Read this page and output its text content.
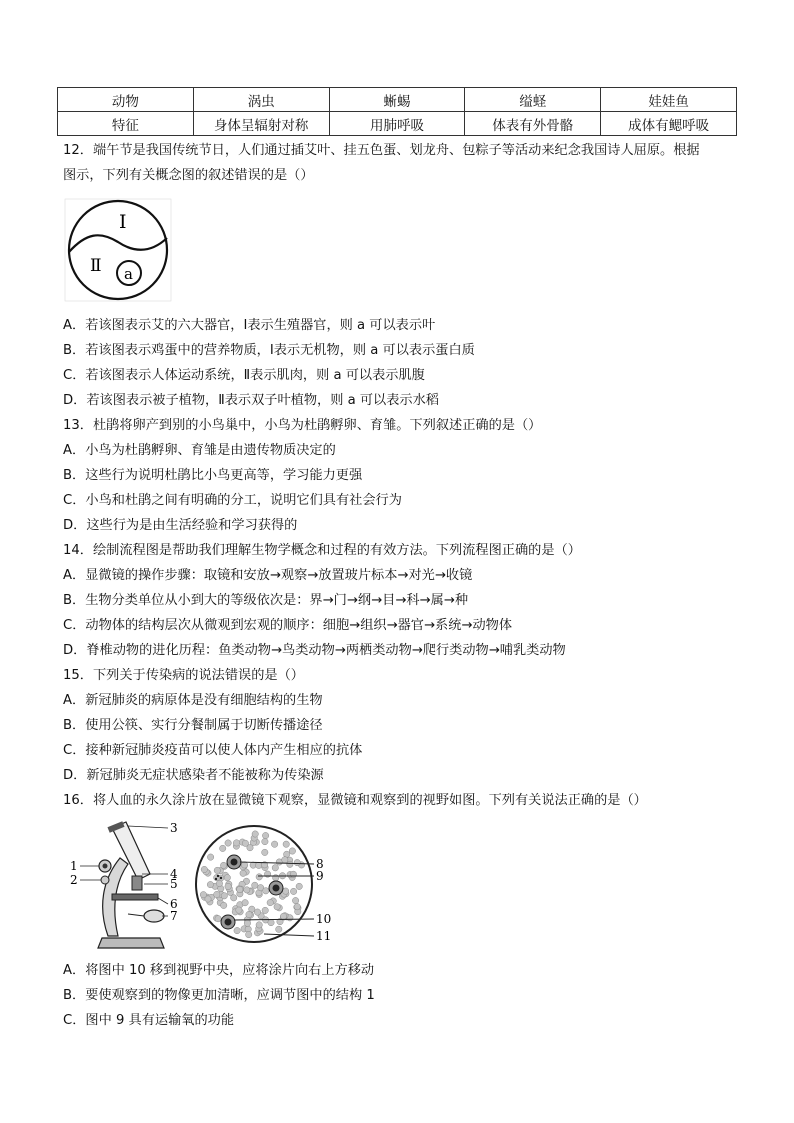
动物	涡虫	蜥蜴	缢蛏	娃娃鱼
特征	身体呈辐射对称	用肺呼吸	体表有外骨骼	成体有鳃呼吸
12．端午节是我国传统节日，人们通过插艾叶、挂五色蛋、划龙舟、包粽子等活动来纪念我国诗人屈原。根据
图示，下列有关概念图的叙述错误的是（）
I
Ⅱ a
A．若该图表示艾的六大器官，Ⅰ表示生殖器官，则 a 可以表示叶
B．若该图表示鸡蛋中的营养物质，Ⅰ表示无机物，则 a 可以表示蛋白质
C．若该图表示人体运动系统，Ⅱ表示肌肉，则 a 可以表示肌腹
D．若该图表示被子植物，Ⅱ表示双子叶植物，则 a 可以表示水稻
13．杜鹃将卵产到别的小鸟巢中，小鸟为杜鹃孵卵、育雏。下列叙述正确的是（）
A．小鸟为杜鹃孵卵、育雏是由遗传物质决定的
B．这些行为说明杜鹃比小鸟更高等，学习能力更强
C．小鸟和杜鹃之间有明确的分工，说明它们具有社会行为
D．这些行为是由生活经验和学习获得的
14．绘制流程图是帮助我们理解生物学概念和过程的有效方法。下列流程图正确的是（）
A．显微镜的操作步骤：取镜和安放→观察→放置玻片标本→对光→收镜
B．生物分类单位从小到大的等级依次是：界→门→纲→目→科→属→种
C．动物体的结构层次从微观到宏观的顺序：细胞→组织→器官→系统→动物体
D．脊椎动物的进化历程：鱼类动物→鸟类动物→两栖类动物→爬行类动物→哺乳类动物
15．下列关于传染病的说法错误的是（）
A．新冠肺炎的病原体是没有细胞结构的生物
B．使用公筷、实行分餐制属于切断传播途径
C．接种新冠肺炎疫苗可以使人体内产生相应的抗体
D．新冠肺炎无症状感染者不能被称为传染源
16．将人血的永久涂片放在显微镜下观察，显微镜和观察到的视野如图。下列有关说法正确的是（）
1
2
3
4
5
6
7
8
9
10
11
A．将图中 10 移到视野中央，应将涂片向右上方移动
B．要使观察到的物像更加清晰，应调节图中的结构 1
C．图中 9 具有运输氧的功能
